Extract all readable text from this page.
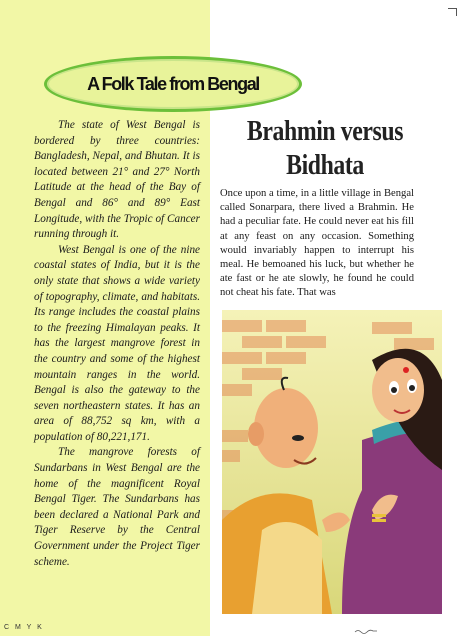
A Folk Tale from Bengal

The state of West Bengal is bordered by three countries: Bangladesh, Nepal, and Bhutan. It is located between 21° and 27° North Latitude at the head of the Bay of Bengal and 86° and 89° East Longitude, with the Tropic of Cancer running through it.

West Bengal is one of the nine coastal states of India, but it is the only state that shows a wide variety of topography, climate, and habitats. Its range includes the coastal plains to the freezing Himalayan peaks. It has the largest mangrove forest in the country and some of the highest mountain ranges in the world. Bengal is also the gateway to the seven northeastern states. It has an area of 88,752 sq km, with a population of 80,221,171.

The mangrove forests of Sundarbans in West Bengal are the home of the magnificent Royal Bengal Tiger. The Sundarbans has been declared a National Park and Tiger Reserve by the Central Government under the Project Tiger scheme.

Brahmin versus
Bidhata

Once upon a time, in a little village in Bengal called Sonarpara, there lived a Brahmin. He had a peculiar fate. He could never eat his fill at any feast on any occasion. Something would invariably happen to interrupt his meal. He bemoaned his luck, but whether he ate fast or he ate slowly, he found he could not cheat his fate. That was

C M Y K
